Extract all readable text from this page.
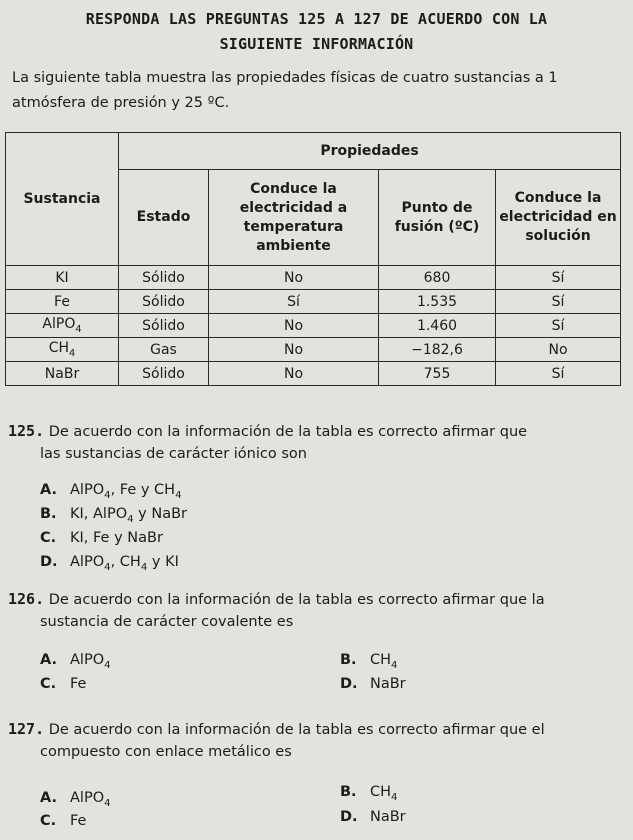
RESPONDA LAS PREGUNTAS 125 A 127 DE ACUERDO CON LA
SIGUIENTE INFORMACIÓN
La siguiente tabla muestra las propiedades físicas de cuatro sustancias a 1
atmósfera de presión y 25 ºC.
Sustancia	Propiedades			
	Estado	Conduce la electricidad a temperatura ambiente	Punto de fusión (ºC)	Conduce la electricidad en solución
KI	Sólido	No	680	Sí
Fe	Sólido	Sí	1.535	Sí
AlPO$_4$	Sólido	No	1.460	Sí
$CH_4$	Gas	No	−182,6	No
NaBr	Sólido	No	755	Sí
125. De acuerdo con la información de la tabla es correcto afirmar que
las sustancias de carácter iónico son
A. AlPO$_4$, Fe y $CH_4$
B. KI, AlPO$_4$ y NaBr
C. KI, Fe y NaBr
D. AlPO$_4$, $CH_4$ y KI
126. De acuerdo con la información de la tabla es correcto afirmar que la
sustancia de carácter covalente es
A. AlPO$_4$	B. $CH_4$
C. Fe	D. NaBr
127. De acuerdo con la información de la tabla es correcto afirmar que el
compuesto con enlace metálico es
A. AlPO$_4$
B. $CH_4$
C. Fe	D. NaBr
